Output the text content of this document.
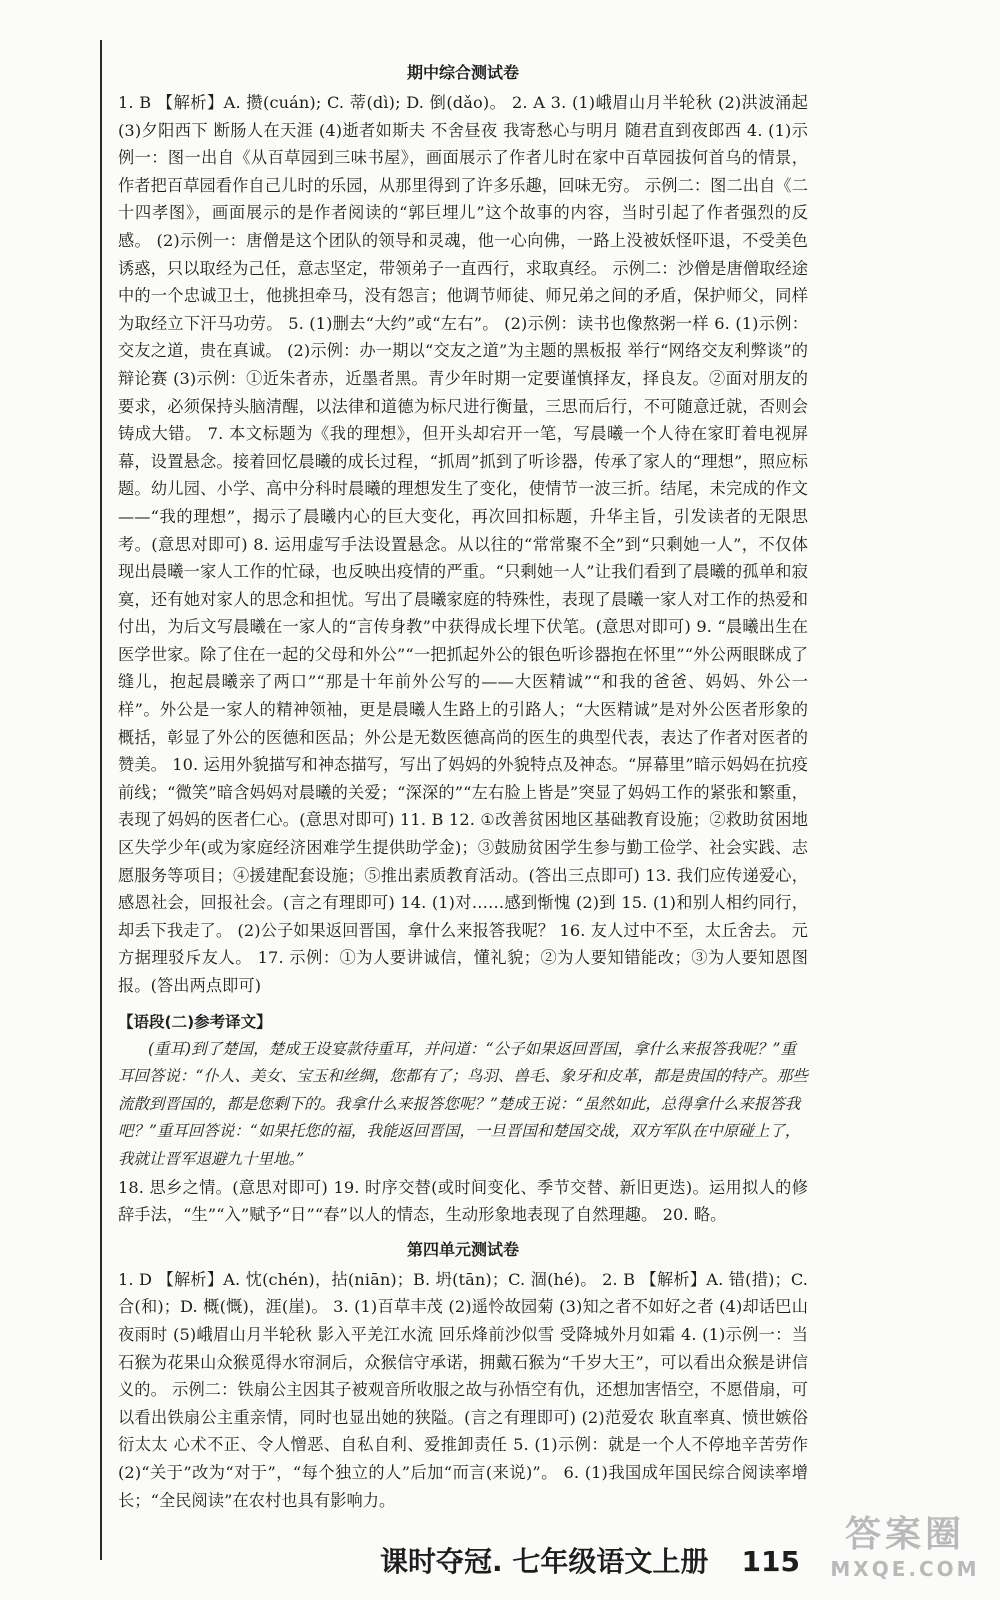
期中综合测试卷

1. B 【解析】A. 攒(cuán); C. 蒂(dì); D. 倒(dǎo)。 2. A 3. (1)峨眉山月半轮秋 (2)洪波涌起 (3)夕阳西下 断肠人在天涯 (4)逝者如斯夫 不舍昼夜 我寄愁心与明月 随君直到夜郎西 4. (1)示例一：图一出自《从百草园到三味书屋》，画面展示了作者儿时在家中百草园拔何首乌的情景，作者把百草园看作自己儿时的乐园，从那里得到了许多乐趣，回味无穷。 示例二：图二出自《二十四孝图》，画面展示的是作者阅读的“郭巨埋儿”这个故事的内容，当时引起了作者强烈的反感。 (2)示例一：唐僧是这个团队的领导和灵魂，他一心向佛，一路上没被妖怪吓退，不受美色诱惑，只以取经为己任，意志坚定，带领弟子一直西行，求取真经。 示例二：沙僧是唐僧取经途中的一个忠诚卫士，他挑担牵马，没有怨言；他调节师徒、师兄弟之间的矛盾，保护师父，同样为取经立下汗马功劳。 5. (1)删去“大约”或“左右”。 (2)示例：读书也像熬粥一样 6. (1)示例：交友之道，贵在真诚。 (2)示例：办一期以“交友之道”为主题的黑板报 举行“网络交友利弊谈”的辩论赛 (3)示例：①近朱者赤，近墨者黑。青少年时期一定要谨慎择友，择良友。②面对朋友的要求，必须保持头脑清醒，以法律和道德为标尺进行衡量，三思而后行，不可随意迁就，否则会铸成大错。 7. 本文标题为《我的理想》，但开头却宕开一笔，写晨曦一个人待在家盯着电视屏幕，设置悬念。接着回忆晨曦的成长过程，“抓周”抓到了听诊器，传承了家人的“理想”，照应标题。幼儿园、小学、高中分科时晨曦的理想发生了变化，使情节一波三折。结尾，未完成的作文——“我的理想”，揭示了晨曦内心的巨大变化，再次回扣标题，升华主旨，引发读者的无限思考。(意思对即可) 8. 运用虚写手法设置悬念。从以往的“常常聚不全”到“只剩她一人”，不仅体现出晨曦一家人工作的忙碌，也反映出疫情的严重。“只剩她一人”让我们看到了晨曦的孤单和寂寞，还有她对家人的思念和担忧。写出了晨曦家庭的特殊性，表现了晨曦一家人对工作的热爱和付出，为后文写晨曦在一家人的“言传身教”中获得成长埋下伏笔。(意思对即可) 9. “晨曦出生在医学世家。除了住在一起的父母和外公”“一把抓起外公的银色听诊器抱在怀里”“外公两眼眯成了缝儿，抱起晨曦亲了两口”“那是十年前外公写的——大医精诚”“和我的爸爸、妈妈、外公一样”。外公是一家人的精神领袖，更是晨曦人生路上的引路人；“大医精诚”是对外公医者形象的概括，彰显了外公的医德和医品；外公是无数医德高尚的医生的典型代表，表达了作者对医者的赞美。 10. 运用外貌描写和神态描写，写出了妈妈的外貌特点及神态。“屏幕里”暗示妈妈在抗疫前线；“微笑”暗含妈妈对晨曦的关爱；“深深的”“左右脸上皆是”突显了妈妈工作的紧张和繁重，表现了妈妈的医者仁心。(意思对即可) 11. B 12. ①改善贫困地区基础教育设施；②救助贫困地区失学少年(或为家庭经济困难学生提供助学金)；③鼓励贫困学生参与勤工俭学、社会实践、志愿服务等项目；④援建配套设施；⑤推出素质教育活动。(答出三点即可) 13. 我们应传递爱心，感恩社会，回报社会。(言之有理即可) 14. (1)对……感到惭愧 (2)到 15. (1)和别人相约同行，却丢下我走了。 (2)公子如果返回晋国，拿什么来报答我呢？ 16. 友人过中不至，太丘舍去。 元方据理驳斥友人。 17. 示例：①为人要讲诚信，懂礼貌；②为人要知错能改；③为人要知恩图报。(答出两点即可)

【语段(二)参考译文】

(重耳)到了楚国，楚成王设宴款待重耳，并问道：“公子如果返回晋国，拿什么来报答我呢？”重耳回答说：“仆人、美女、宝玉和丝绸，您都有了；鸟羽、兽毛、象牙和皮革，都是贵国的特产。那些流散到晋国的，都是您剩下的。我拿什么来报答您呢？”楚成王说：“虽然如此，总得拿什么来报答我吧？”重耳回答说：“如果托您的福，我能返回晋国，一旦晋国和楚国交战，双方军队在中原碰上了，我就让晋军退避九十里地。”

18. 思乡之情。(意思对即可) 19. 时序交替(或时间变化、季节交替、新旧更迭)。运用拟人的修辞手法，“生”“入”赋予“日”“春”以人的情态，生动形象地表现了自然理趣。 20. 略。

第四单元测试卷

1. D 【解析】A. 忱(chén)，拈(niān)；B. 坍(tān)；C. 涸(hé)。 2. B 【解析】A. 错(措)；C. 合(和)；D. 概(慨)，涯(崖)。 3. (1)百草丰茂 (2)遥怜故园菊 (3)知之者不如好之者 (4)却话巴山夜雨时 (5)峨眉山月半轮秋 影入平羌江水流 回乐烽前沙似雪 受降城外月如霜 4. (1)示例一：当石猴为花果山众猴觅得水帘洞后，众猴信守承诺，拥戴石猴为“千岁大王”，可以看出众猴是讲信义的。 示例二：铁扇公主因其子被观音所收服之故与孙悟空有仇，还想加害悟空，不愿借扇，可以看出铁扇公主重亲情，同时也显出她的狭隘。(言之有理即可) (2)范爱农 耿直率真、愤世嫉俗 衍太太 心术不正、令人憎恶、自私自利、爱推卸责任 5. (1)示例：就是一个人不停地辛苦劳作 (2)“关于”改为“对于”，“每个独立的人”后加“而言(来说)”。 6. (1)我国成年国民综合阅读率增长；“全民阅读”在农村也具有影响力。

课时夺冠. 七年级语文上册 115
答案圈
MXQE.COM
